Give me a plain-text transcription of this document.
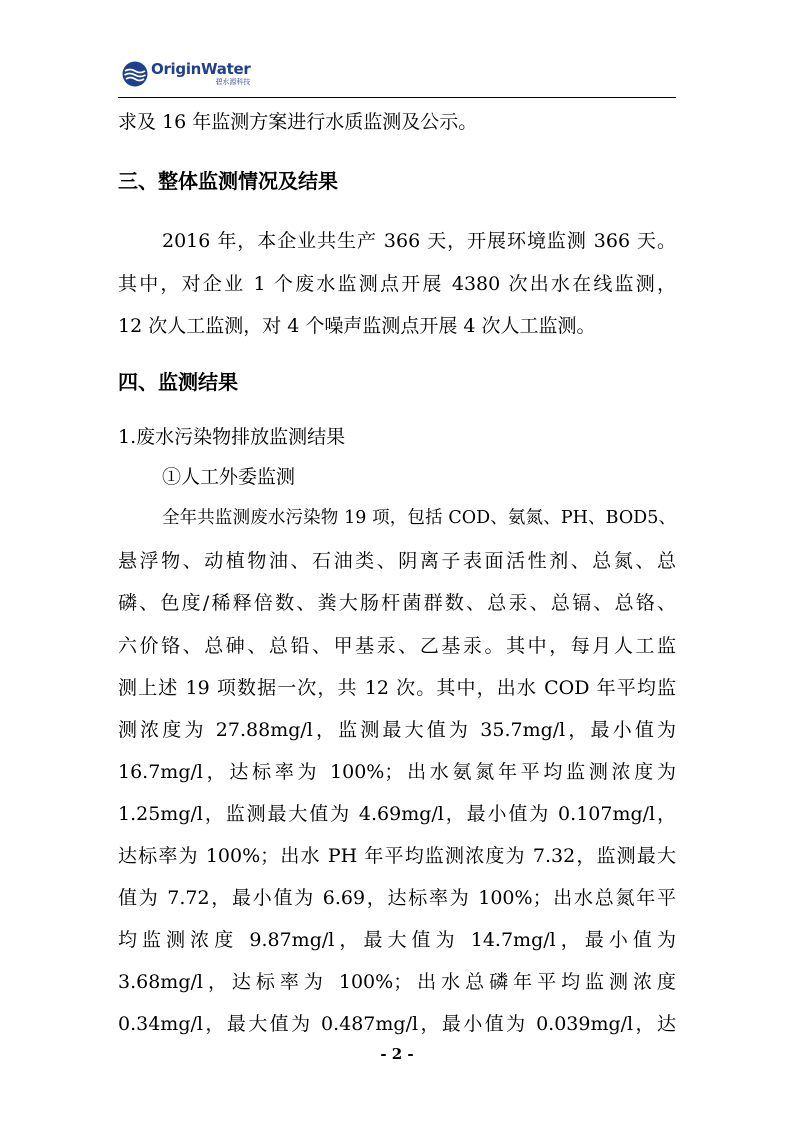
OriginWater
碧水源科技
求及 16 年监测方案进行水质监测及公示。
三、整体监测情况及结果
2016 年，本企业共生产 366 天，开展环境监测 366 天。
其中，对企业 1 个废水监测点开展 4380 次出水在线监测，
12 次人工监测，对 4 个噪声监测点开展 4 次人工监测。
四、监测结果
1.废水污染物排放监测结果
①人工外委监测
全年共监测废水污染物 19 项，包括 COD、氨氮、PH、BOD5、
悬浮物、动植物油、石油类、阴离子表面活性剂、总氮、总
磷、色度/稀释倍数、粪大肠杆菌群数、总汞、总镉、总铬、
六价铬、总砷、总铅、甲基汞、乙基汞。其中，每月人工监
测上述 19 项数据一次，共 12 次。其中，出水 COD 年平均监
测浓度为 27.88mg/l，监测最大值为 35.7mg/l，最小值为
16.7mg/l，达标率为 100%；出水氨氮年平均监测浓度为
1.25mg/l，监测最大值为 4.69mg/l，最小值为 0.107mg/l，
达标率为 100%；出水 PH 年平均监测浓度为 7.32，监测最大
值为 7.72，最小值为 6.69，达标率为 100%；出水总氮年平
均监测浓度 9.87mg/l，最大值为 14.7mg/l，最小值为
3.68mg/l，达标率为 100%；出水总磷年平均监测浓度
0.34mg/l，最大值为 0.487mg/l，最小值为 0.039mg/l，达
- 2 -
